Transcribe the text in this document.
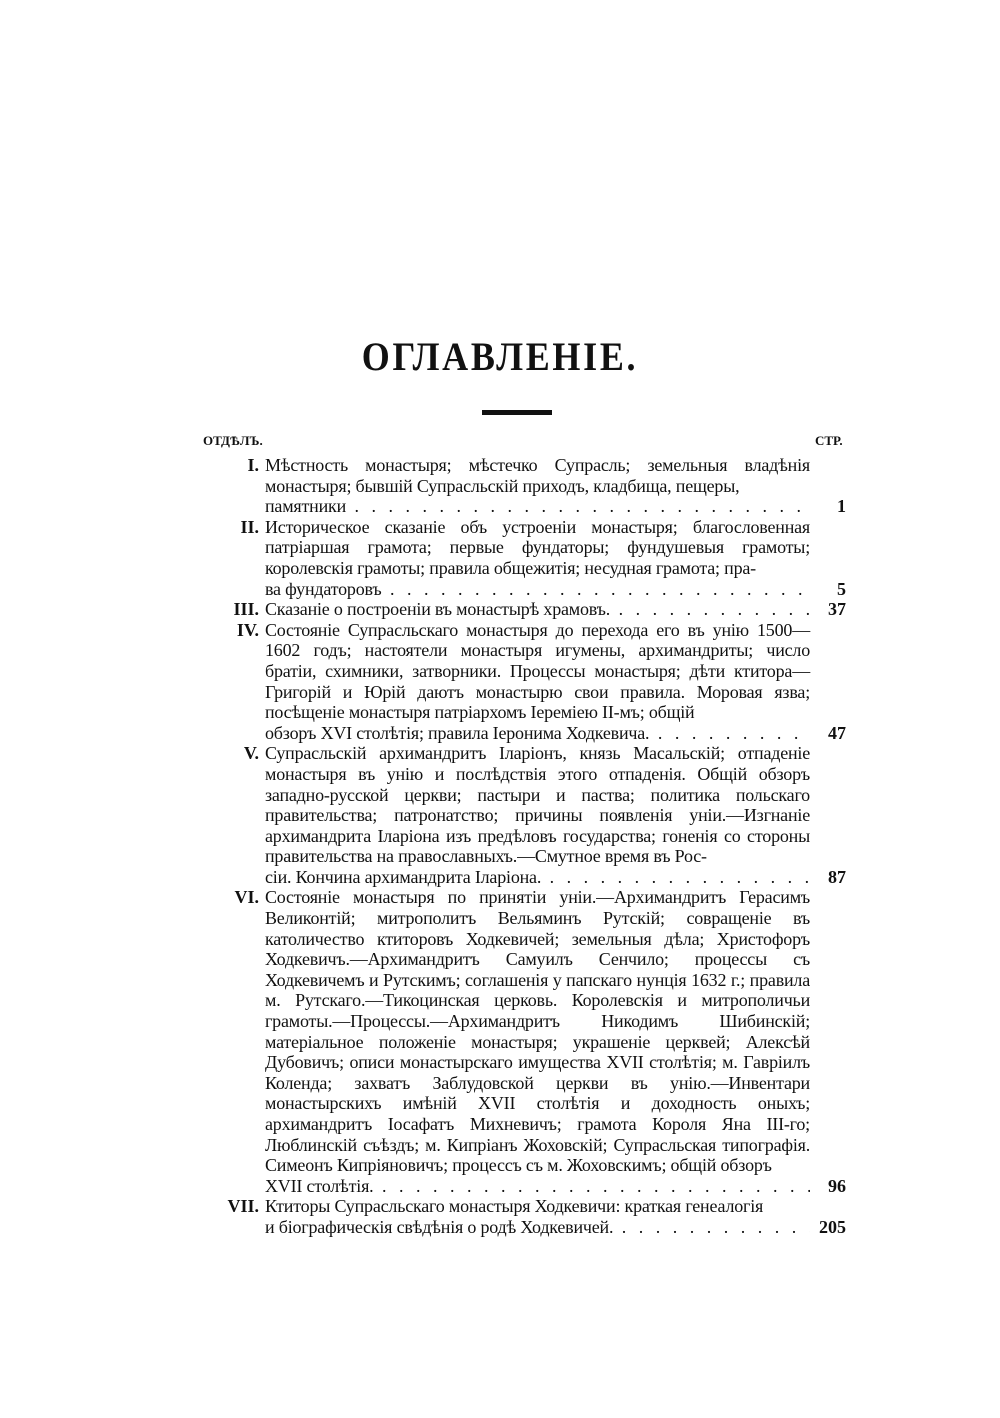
ОГЛАВЛЕНІЕ.
ОТДѢЛЪ.	СТР.
I. Мѣстность монастыря; мѣстечко Супрасль; земельныя владѣнія монастыря; бывшій Супрасльскій приходъ, кладбища, пещеры,
памятники . . .	1
II. Историческое сказаніе объ устроеніи монастыря; благословенная патріаршая грамота; первые фундаторы; фундушевыя грамоты; королевскія грамоты; правила общежитія; несудная грамота; пра-
ва фундаторовъ . . .	5
III. Сказаніе о построеніи въ монастырѣ храмовъ. . . .	37
IV. Состояніе Супрасльскаго монастыря до перехода его въ унію 1500—1602 годъ; настоятели монастыря игумены, архимандриты; число братіи, схимники, затворники. Процессы монастыря; дѣти ктитора—Григорій и Юрій даютъ монастырю свои правила. Моровая язва; посѣщеніе монастыря патріархомъ Іереміею II-мъ; общій
обзоръ XVI столѣтія; правила Іеронима Ходкевича. . . .	47
V. Супрасльскій архимандритъ Іларіонъ, князь Масальскій; отпаденіе монастыря въ унію и послѣдствія этого отпаденія. Общій обзоръ западно-русской церкви; пастыри и паства; политика польскаго правительства; патронатство; причины появленія уніи.—Изгнаніе архимандрита Іларіона изъ предѣловъ государства; гоненія со стороны правительства на православныхъ.—Смутное время въ Рос-
сіи. Кончина архимандрита Іларіона. . . .	87
VI. Состояніе монастыря по принятіи уніи.—Архимандритъ Герасимъ Великонтій; митрополитъ Вельяминъ Рутскій; совращеніе въ католичество ктиторовъ Ходкевичей; земельныя дѣла; Христофоръ Ходкевичъ.—Архимандритъ Самуилъ Сенчило; процессы съ Ходкевичемъ и Рутскимъ; соглашенія у папскаго нунція 1632 г.; правила м. Рутскаго.—Тикоцинская церковь. Королевскія и митрополичьи грамоты.—Процессы.—Архимандритъ Никодимъ Шибинскій; матеріальное положеніе монастыря; украшеніе церквей; Алексѣй Дубовичъ; описи монастырскаго имущества XVII столѣтія; м. Гавріилъ Коленда; захватъ Заблудовской церкви въ унію.—Инвентари монастырскихъ имѣній XVII столѣтія и доходность оныхъ; архимандритъ Іосафатъ Михневичъ; грамота Короля Яна III-го; Люблинскій съѣздъ; м. Кипріанъ Жоховскій; Супрасльская типографія. Симеонъ Кипріяновичъ; процессъ съ м. Жоховскимъ; общій обзоръ
XVII столѣтія. . . .	96
VII. Ктиторы Супрасльскаго монастыря Ходкевичи: краткая генеалогія
и біографическія свѣдѣнія о родѣ Ходкевичей. . . .	205
